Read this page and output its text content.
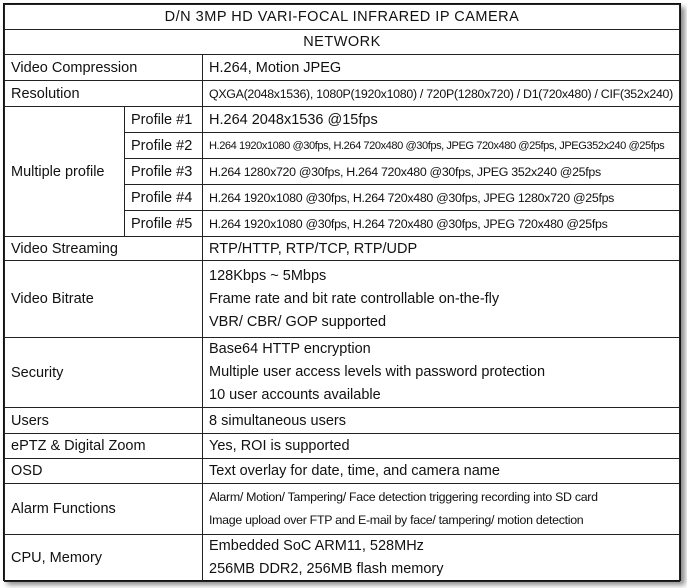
D/N 3MP HD VARI-FOCAL INFRARED IP CAMERA		
NETWORK		
Video Compression		H.264, Motion JPEG
Resolution		QXGA(2048x1536), 1080P(1920x1080) / 720P(1280x720) / D1(720x480) / CIF(352x240)
Multiple profile	Profile #1	H.264 2048x1536 @15fps
	Profile #2	H.264 1920x1080 @30fps, H.264 720x480 @30fps, JPEG 720x480 @25fps, JPEG352x240 @25fps
	Profile #3	H.264 1280x720 @30fps, H.264 720x480 @30fps, JPEG 352x240 @25fps
	Profile #4	H.264 1920x1080 @30fps, H.264 720x480 @30fps, JPEG 1280x720 @25fps
	Profile #5	H.264 1920x1080 @30fps, H.264 720x480 @30fps, JPEG 720x480 @25fps
Video Streaming		RTP/HTTP, RTP/TCP, RTP/UDP
Video Bitrate		128Kbps ~ 5Mbps
Frame rate and bit rate controllable on-the-fly
VBR/ CBR/ GOP supported

Security		Base64 HTTP encryption
Multiple user access levels with password protection
10 user accounts available

Users		8 simultaneous users
ePTZ & Digital Zoom		Yes, ROI is supported
OSD		Text overlay for date, time, and camera name
Alarm Functions		Alarm/ Motion/ Tampering/ Face detection triggering recording into SD card
Image upload over FTP and E-mail by face/ tampering/ motion detection

CPU, Memory		Embedded SoC ARM11, 528MHz
256MB DDR2, 256MB flash memory
